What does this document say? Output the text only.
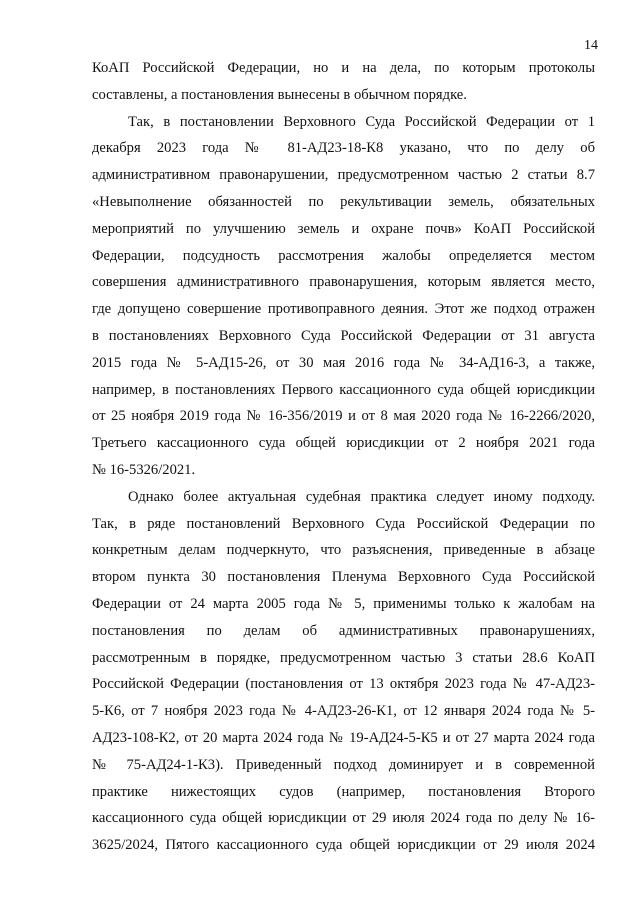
14
КоАП Российской Федерации, но и на дела, по которым протоколы
составлены, а постановления вынесены в обычном порядке.
Так, в постановлении Верховного Суда Российской Федерации от 1
декабря 2023 года № 81-АД23-18-К8 указано, что по делу об
административном правонарушении, предусмотренном частью 2 статьи 8.7
«Невыполнение обязанностей по рекультивации земель, обязательных
мероприятий по улучшению земель и охране почв» КоАП Российской
Федерации, подсудность рассмотрения жалобы определяется местом
совершения административного правонарушения, которым является место,
где допущено совершение противоправного деяния. Этот же подход отражен
в постановлениях Верховного Суда Российской Федерации от 31 августа
2015 года № 5-АД15-26, от 30 мая 2016 года № 34-АД16-3, а также,
например, в постановлениях Первого кассационного суда общей юрисдикции
от 25 ноября 2019 года № 16-356/2019 и от 8 мая 2020 года № 16-2266/2020,
Третьего кассационного суда общей юрисдикции от 2 ноября 2021 года
№ 16-5326/2021.
Однако более актуальная судебная практика следует иному подходу.
Так, в ряде постановлений Верховного Суда Российской Федерации по
конкретным делам подчеркнуто, что разъяснения, приведенные в абзаце
втором пункта 30 постановления Пленума Верховного Суда Российской
Федерации от 24 марта 2005 года № 5, применимы только к жалобам на
постановления по делам об административных правонарушениях,
рассмотренным в порядке, предусмотренном частью 3 статьи 28.6 КоАП
Российской Федерации (постановления от 13 октября 2023 года № 47-АД23-
5-К6, от 7 ноября 2023 года № 4-АД23-26-К1, от 12 января 2024 года № 5-
АД23-108-К2, от 20 марта 2024 года № 19-АД24-5-К5 и от 27 марта 2024 года
№ 75-АД24-1-К3). Приведенный подход доминирует и в современной
практике нижестоящих судов (например, постановления Второго
кассационного суда общей юрисдикции от 29 июля 2024 года по делу № 16-
3625/2024, Пятого кассационного суда общей юрисдикции от 29 июля 2024
